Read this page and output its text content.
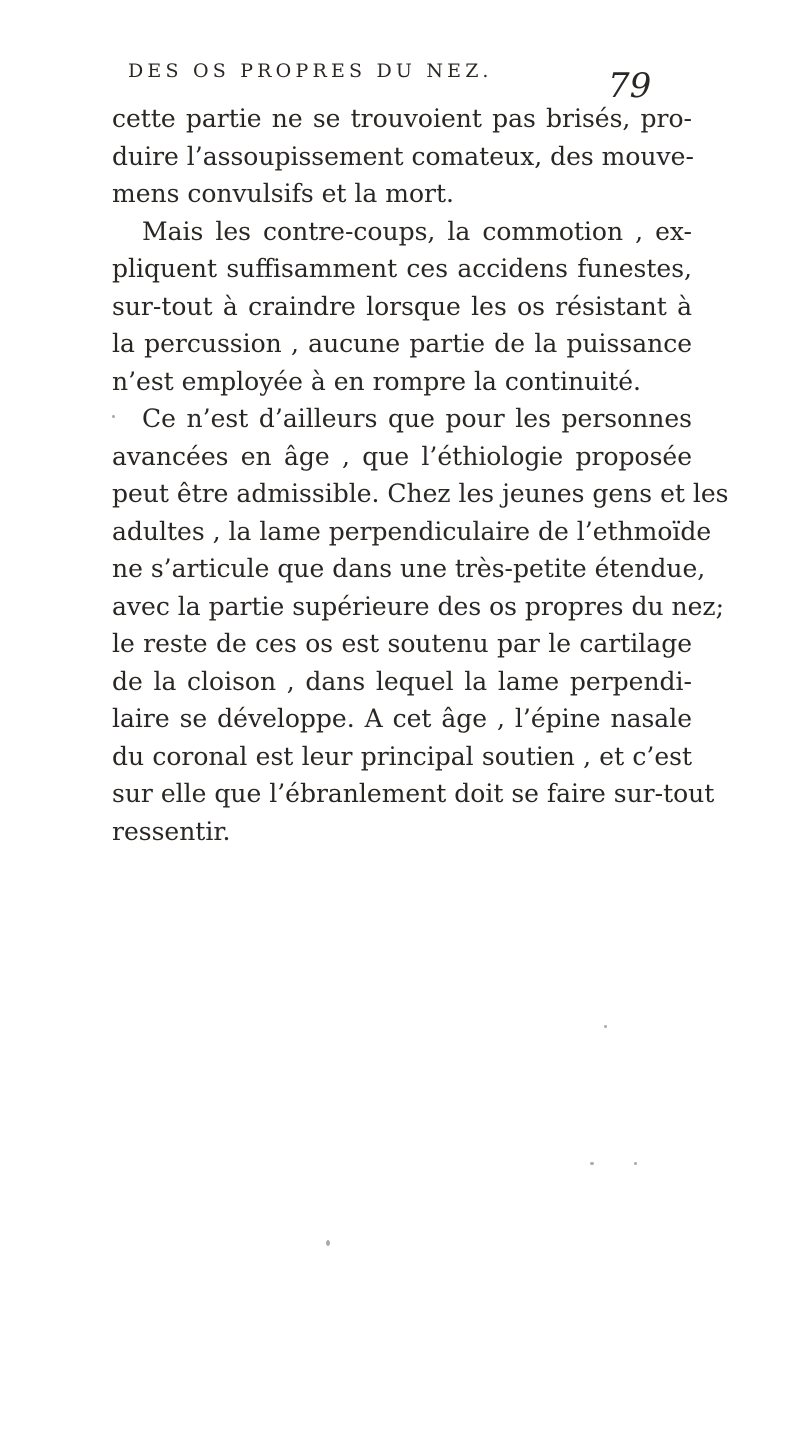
DES OS PROPRES DU NEZ.	79
cette partie ne se trouvoient pas brisés, pro-
duire l’assoupissement comateux, des mouve-
mens convulsifs et la mort.
Mais les contre-coups, la commotion , ex-
pliquent suffisamment ces accidens funestes,
sur-tout à craindre lorsque les os résistant à
la percussion , aucune partie de la puissance
n’est employée à en rompre la continuité.
Ce n’est d’ailleurs que pour les personnes
avancées en âge , que l’éthiologie proposée
peut être admissible. Chez les jeunes gens et les
adultes , la lame perpendiculaire de l’ethmoïde
ne s’articule que dans une très-petite étendue,
avec la partie supérieure des os propres du nez;
le reste de ces os est soutenu par le cartilage
de la cloison , dans lequel la lame perpendi-
laire se développe. A cet âge , l’épine nasale
du coronal est leur principal soutien , et c’est
sur elle que l’ébranlement doit se faire sur-tout
ressentir.
